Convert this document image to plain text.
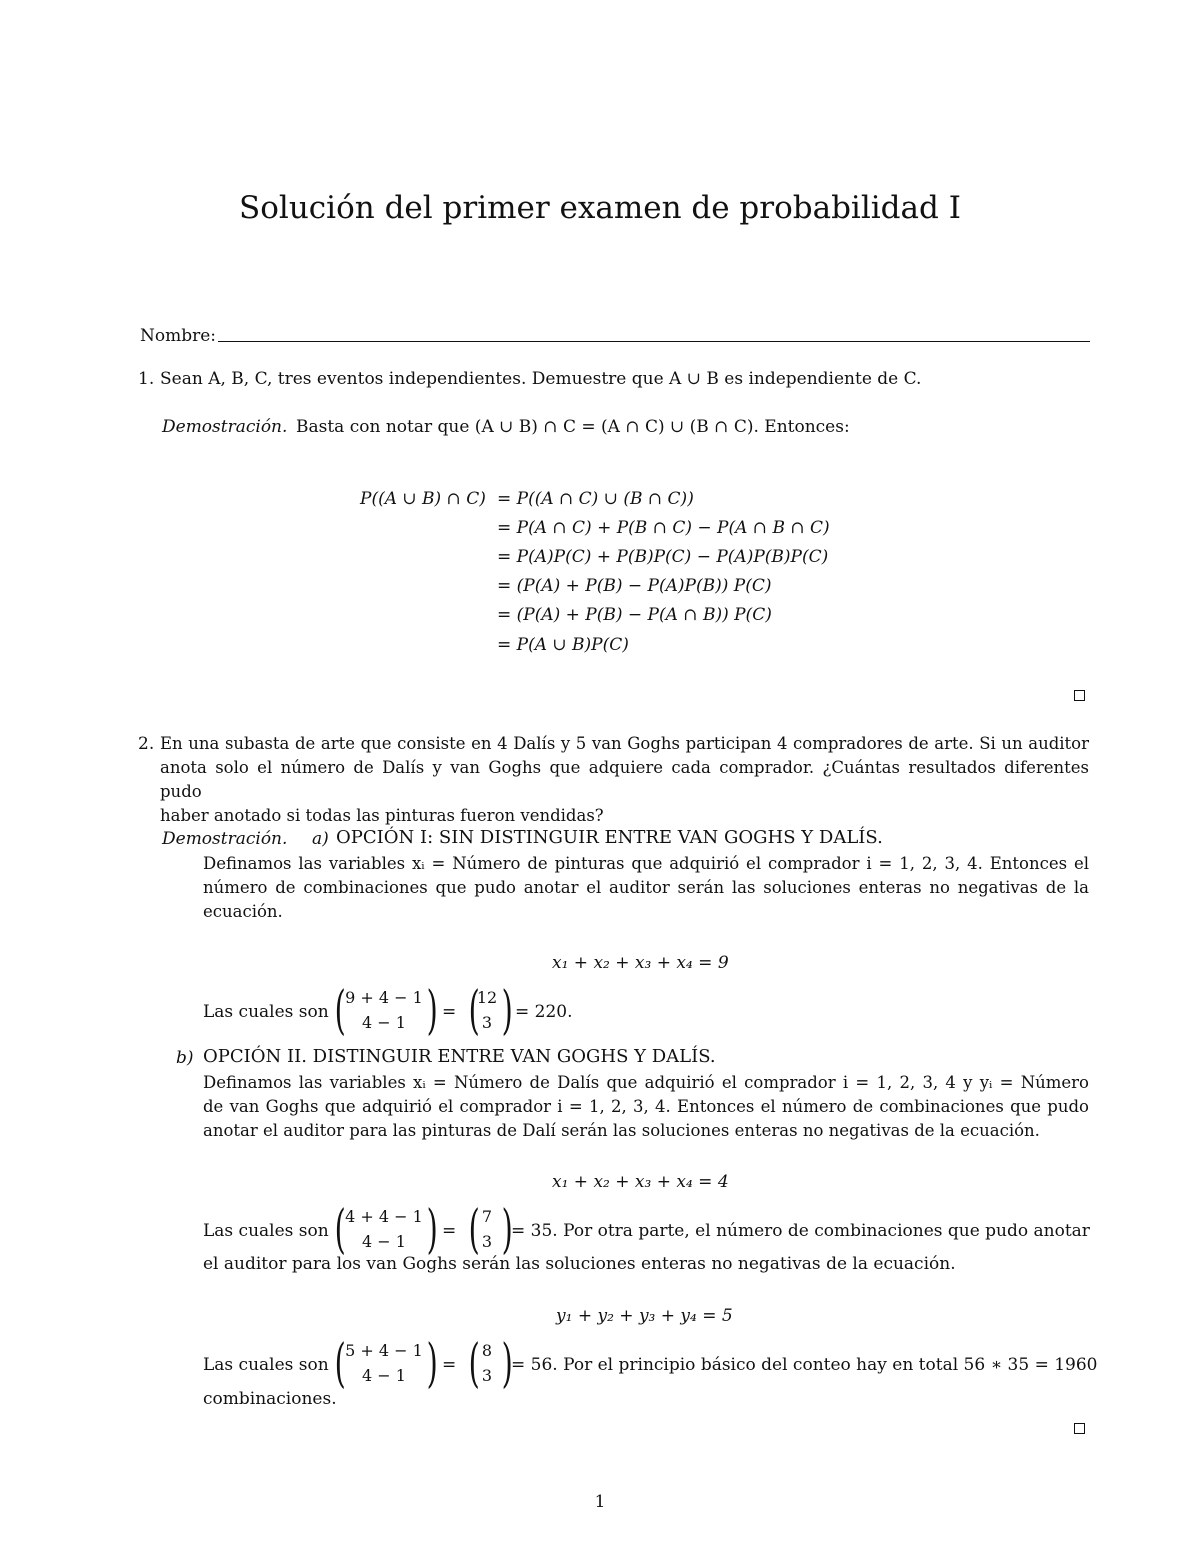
Solución del primer examen de probabilidad I
Nombre:
1. Sean A, B, C, tres eventos independientes. Demuestre que A ∪ B es independiente de C.
Demostración. Basta con notar que (A ∪ B) ∩ C = (A ∩ C) ∪ (B ∩ C). Entonces:
P((A ∪ B) ∩ C) = P((A ∩ C) ∪ (B ∩ C))
= P(A ∩ C) + P(B ∩ C) − P(A ∩ B ∩ C)
= P(A)P(C) + P(B)P(C) − P(A)P(B)P(C)
= (P(A) + P(B) − P(A)P(B)) P(C)
= (P(A) + P(B) − P(A ∩ B)) P(C)
= P(A ∪ B)P(C)
2. En una subasta de arte que consiste en 4 Dalís y 5 van Goghs participan 4 compradores de arte. Si un auditor

anota solo el número de Dalís y van Goghs que adquiere cada comprador. ¿Cuántas resultados diferentes pudo

haber anotado si todas las pinturas fueron vendidas?

Demostración. a) OPCIÓN I: SIN DISTINGUIR ENTRE VAN GOGHS Y DALÍS.

Definamos las variables xᵢ = Número de pinturas que adquirió el comprador i = 1, 2, 3, 4. Entonces el

número de combinaciones que pudo anotar el auditor serán las soluciones enteras no negativas de la

ecuación.

x₁ + x₂ + x₃ + x₄ = 9
Las cuales son ( 9 + 4 − 1
4 − 1 ) = (
12
3 ) = 220.
b) OPCIÓN II. DISTINGUIR ENTRE VAN GOGHS Y DALÍS.

Definamos las variables xᵢ = Número de Dalís que adquirió el comprador i = 1, 2, 3, 4 y yᵢ = Número

de van Goghs que adquirió el comprador i = 1, 2, 3, 4. Entonces el número de combinaciones que pudo

anotar el auditor para las pinturas de Dalí serán las soluciones enteras no negativas de la ecuación.

x₁ + x₂ + x₃ + x₄ = 4
Las cuales son ( 4 + 4 − 1
4 − 1 ) = ( 7
3 )
= 35. Por otra parte, el número de combinaciones que pudo anotar
el auditor para los van Goghs serán las soluciones enteras no negativas de la ecuación.
y₁ + y₂ + y₃ + y₄ = 5
Las cuales son ( 5 + 4 − 1
4 − 1 ) = ( 8
3 )
= 56. Por el principio básico del conteo hay en total 56 ∗ 35 = 1960
combinaciones.
1
